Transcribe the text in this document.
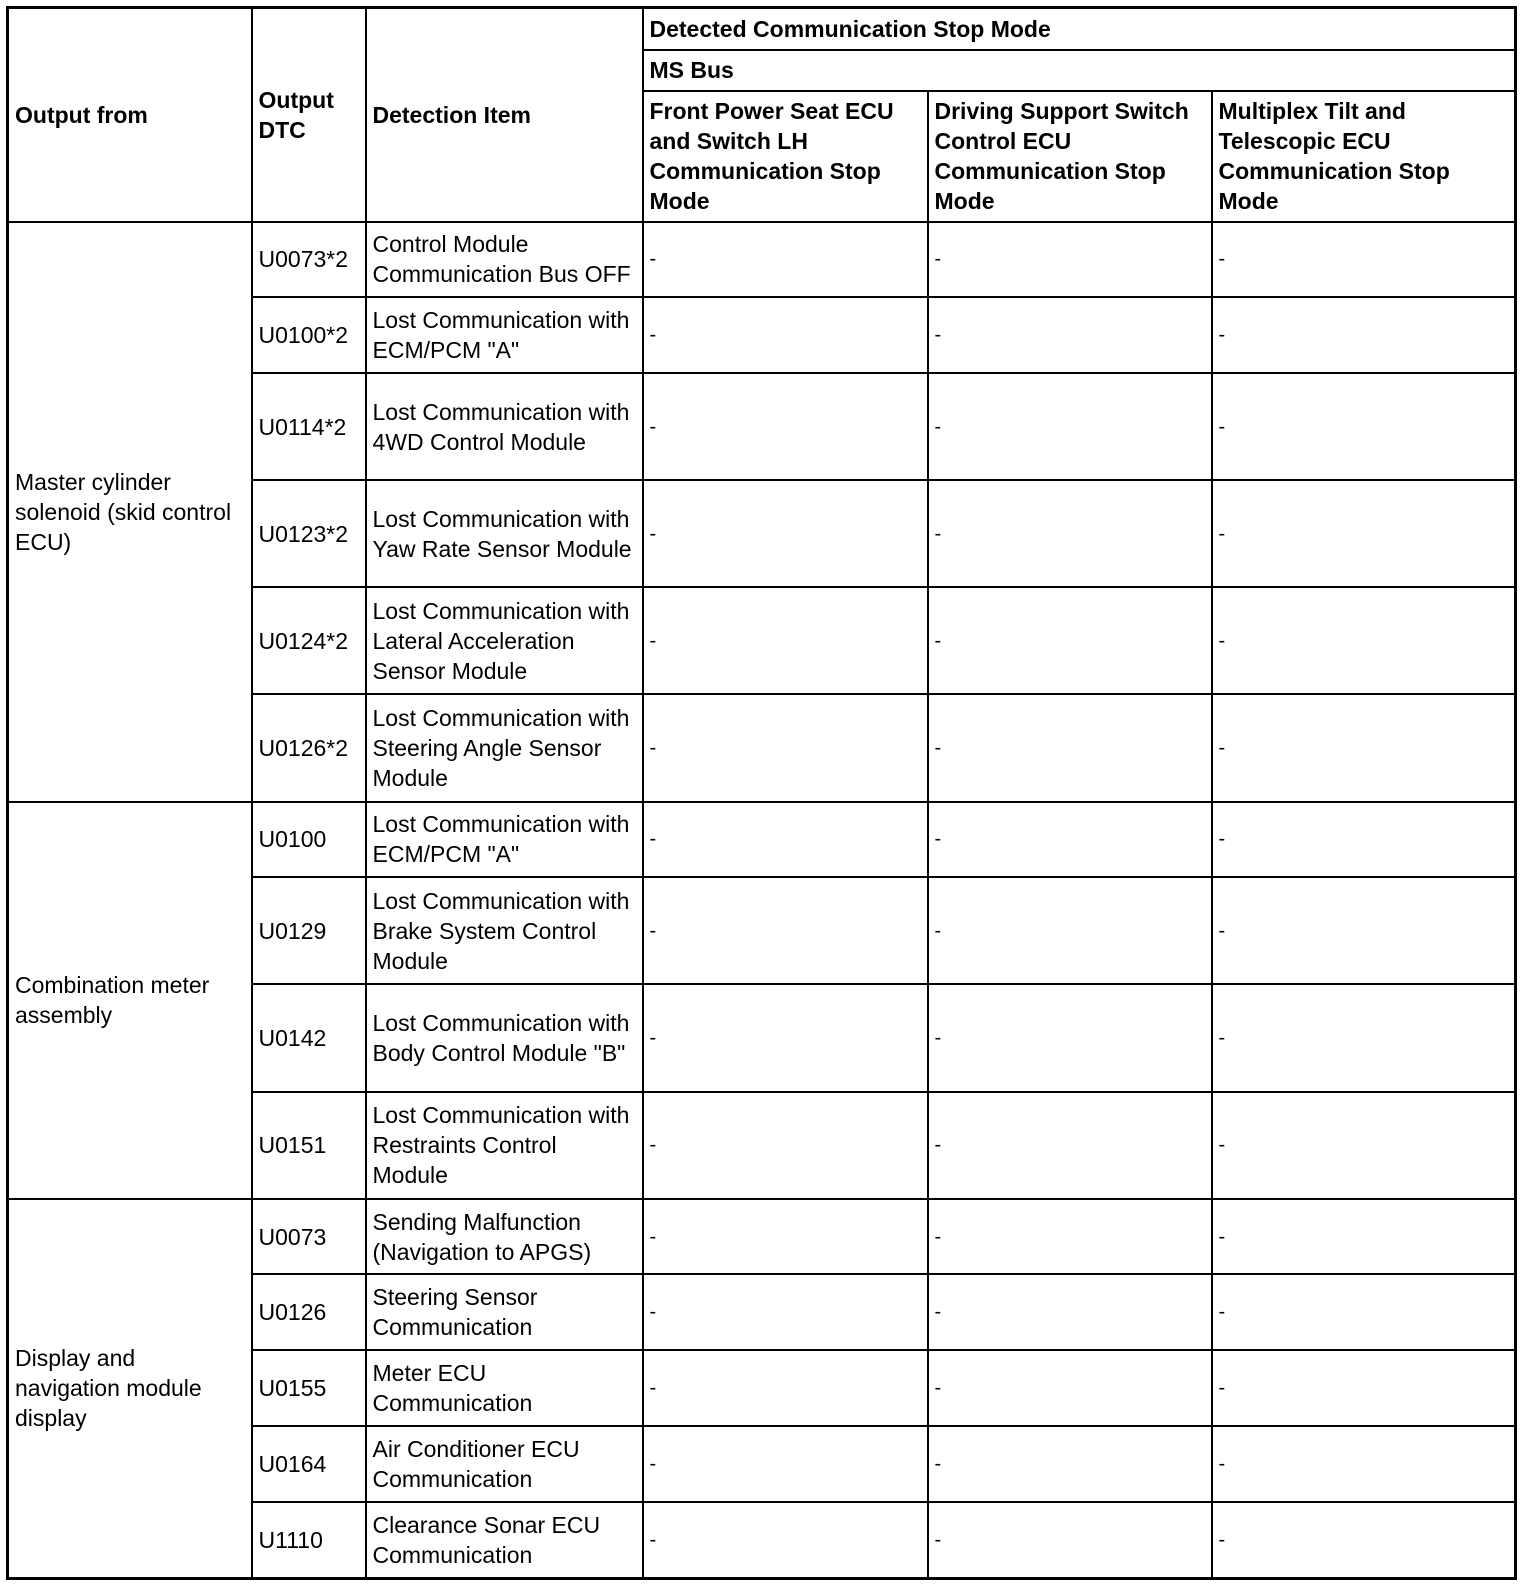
Output from	Output DTC	Detection Item	Detected Communication Stop Mode		
			MS Bus		
			Front Power Seat ECU and Switch LH Communication Stop Mode	Driving Support Switch Control ECU Communication Stop Mode	Multiplex Tilt and Telescopic ECU Communication Stop Mode
Master cylinder solenoid (skid control ECU)	U0073*2	Control Module Communication Bus OFF	-	-	-
	U0100*2	Lost Communication with ECM/PCM "A"	-	-	-
	U0114*2	Lost Communication with 4WD Control Module	-	-	-
	U0123*2	Lost Communication with Yaw Rate Sensor Module	-	-	-
	U0124*2	Lost Communication with Lateral Acceleration Sensor Module	-	-	-
	U0126*2	Lost Communication with Steering Angle Sensor Module	-	-	-
Combination meter assembly	U0100	Lost Communication with ECM/PCM "A"	-	-	-
	U0129	Lost Communication with Brake System Control Module	-	-	-
	U0142	Lost Communication with Body Control Module "B"	-	-	-
	U0151	Lost Communication with Restraints Control Module	-	-	-
Display and navigation module display	U0073	Sending Malfunction (Navigation to APGS)	-	-	-
	U0126	Steering Sensor Communication	-	-	-
	U0155	Meter ECU Communication	-	-	-
	U0164	Air Conditioner ECU Communication	-	-	-
	U1110	Clearance Sonar ECU Communication	-	-	-
